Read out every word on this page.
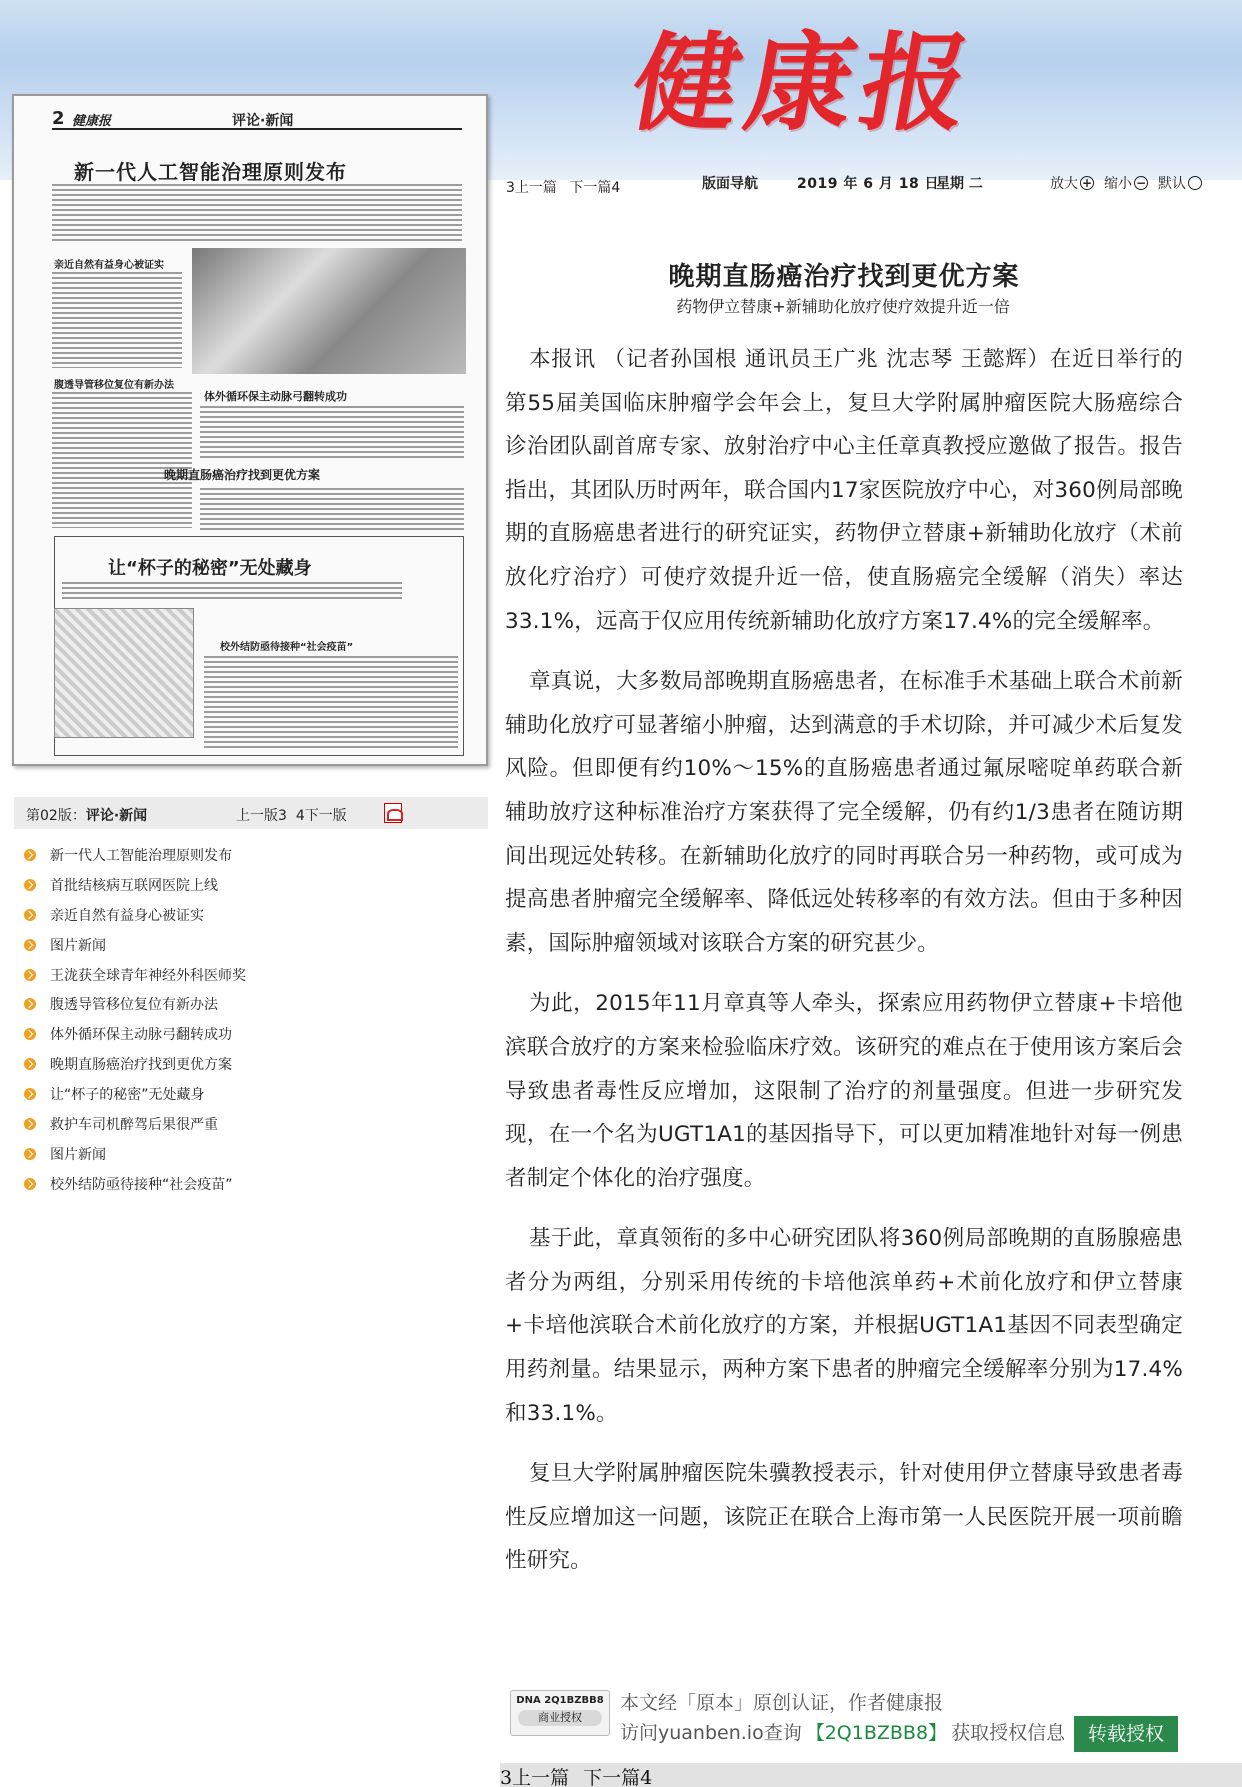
健康报
3上一篇 下一篇4	版面导航	2019 年 6 月 18 日
星期 二	放大 + 缩小 − 默认
2 健康报	评论·新闻
新一代人工智能治理原则发布
亲近自然有益身心被证实
腹透导管移位复位有新办法
体外循环保主动脉弓翻转成功
晚期直肠癌治疗找到更优方案
让“杯子的秘密”无处藏身
校外结防亟待接种“社会疫苗”
第02版：评论·新闻	上一版3 4下一版
新一代人工智能治理原则发布
首批结核病互联网医院上线
亲近自然有益身心被证实
图片新闻
王泷获全球青年神经外科医师奖
腹透导管移位复位有新办法
体外循环保主动脉弓翻转成功
晚期直肠癌治疗找到更优方案
让“杯子的秘密”无处藏身
救护车司机醉驾后果很严重
图片新闻
校外结防亟待接种“社会疫苗”
晚期直肠癌治疗找到更优方案
药物伊立替康+新辅助化放疗使疗效提升近一倍

本报讯 （记者孙国根 通讯员王广兆 沈志琴 王懿辉）在近日举行的第55届美国临床肿瘤学会年会上，复旦大学附属肿瘤医院大肠癌综合诊治团队副首席专家、放射治疗中心主任章真教授应邀做了报告。报告指出，其团队历时两年，联合国内17家医院放疗中心，对360例局部晚期的直肠癌患者进行的研究证实，药物伊立替康+新辅助化放疗（术前放化疗治疗）可使疗效提升近一倍，使直肠癌完全缓解（消失）率达33.1%，远高于仅应用传统新辅助化放疗方案17.4%的完全缓解率。

章真说，大多数局部晚期直肠癌患者，在标准手术基础上联合术前新辅助化放疗可显著缩小肿瘤，达到满意的手术切除，并可减少术后复发风险。但即便有约10%～15%的直肠癌患者通过氟尿嘧啶单药联合新辅助放疗这种标准治疗方案获得了完全缓解，仍有约1/3患者在随访期间出现远处转移。在新辅助化放疗的同时再联合另一种药物，或可成为提高患者肿瘤完全缓解率、降低远处转移率的有效方法。但由于多种因素，国际肿瘤领域对该联合方案的研究甚少。

为此，2015年11月章真等人牵头，探索应用药物伊立替康+卡培他滨联合放疗的方案来检验临床疗效。该研究的难点在于使用该方案后会导致患者毒性反应增加，这限制了治疗的剂量强度。但进一步研究发现，在一个名为UGT1A1的基因指导下，可以更加精准地针对每一例患者制定个体化的治疗强度。

基于此，章真领衔的多中心研究团队将360例局部晚期的直肠腺癌患者分为两组，分别采用传统的卡培他滨单药+术前化放疗和伊立替康+卡培他滨联合术前化放疗的方案，并根据UGT1A1基因不同表型确定用药剂量。结果显示，两种方案下患者的肿瘤完全缓解率分别为17.4%和33.1%。

复旦大学附属肿瘤医院朱骥教授表示，针对使用伊立替康导致患者毒性反应增加这一问题，该院正在联合上海市第一人民医院开展一项前瞻性研究。

DNA 2Q1BZBB8
商业授权
本文经「原本」原创认证，作者健康报
访问yuanben.io查询 【2Q1BZBB8】 获取授权信息	转载授权
3上一篇 下一篇4
